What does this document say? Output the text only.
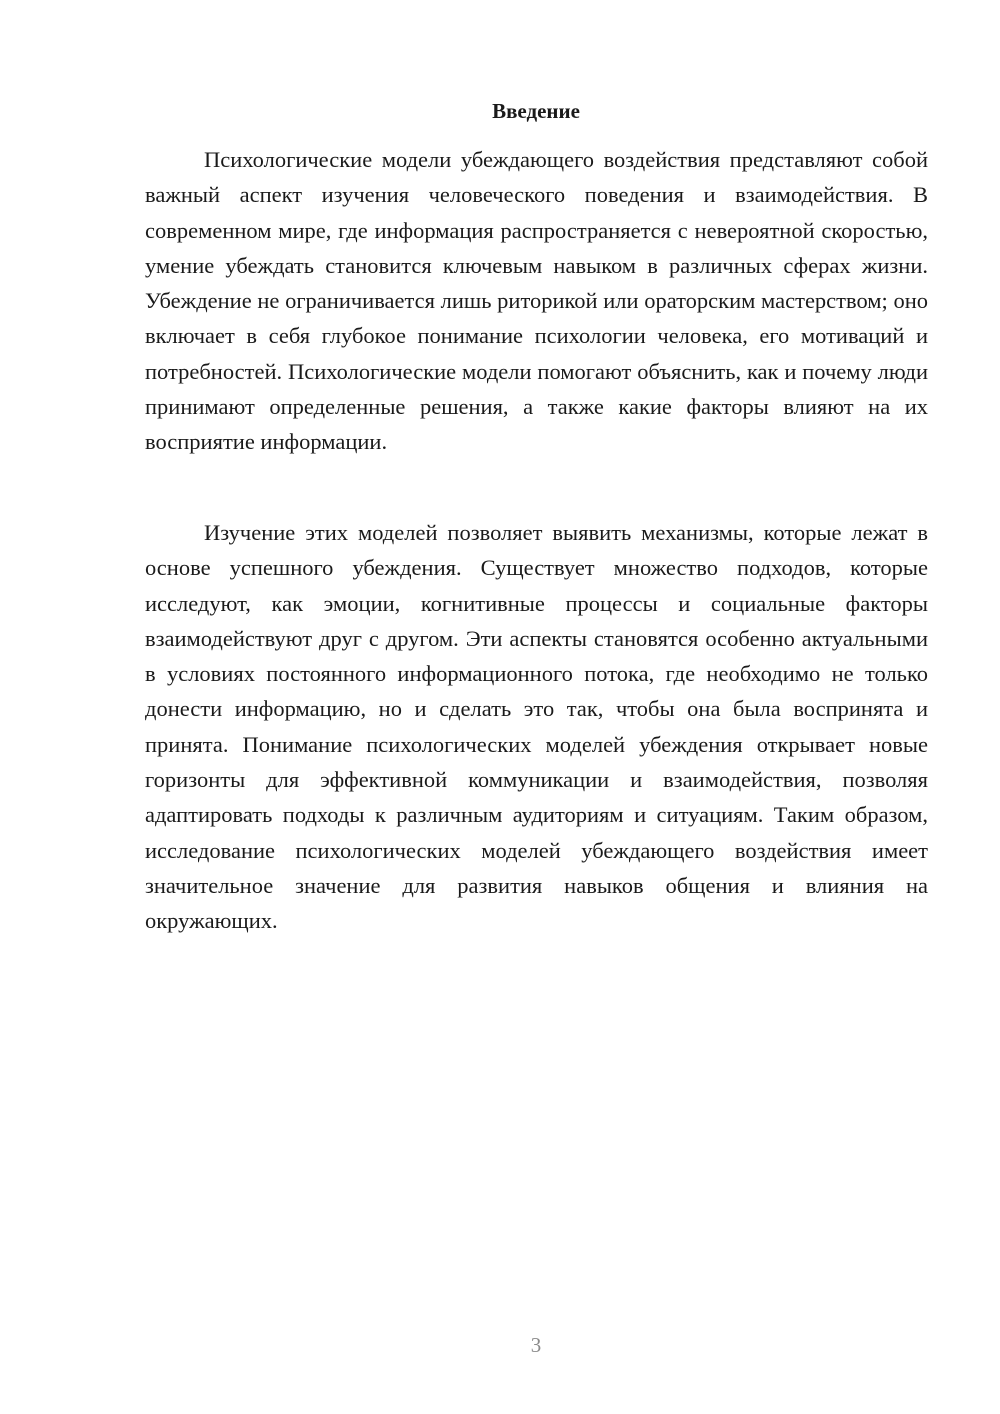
Введение

Психологические модели убеждающего воздействия представляют собой важный аспект изучения человеческого поведения и взаимодействия. В современном мире, где информация распространяется с невероятной скоростью, умение убеждать становится ключевым навыком в различных сферах жизни. Убеждение не ограничивается лишь риторикой или ораторским мастерством; оно включает в себя глубокое понимание психологии человека, его мотиваций и потребностей. Психологические модели помогают объяснить, как и почему люди принимают определенные решения, а также какие факторы влияют на их восприятие информации.

Изучение этих моделей позволяет выявить механизмы, которые лежат в основе успешного убеждения. Существует множество подходов, которые исследуют, как эмоции, когнитивные процессы и социальные факторы взаимодействуют друг с другом. Эти аспекты становятся особенно актуальными в условиях постоянного информационного потока, где необходимо не только донести информацию, но и сделать это так, чтобы она была воспринята и принята. Понимание психологических моделей убеждения открывает новые горизонты для эффективной коммуникации и взаимодействия, позволяя адаптировать подходы к различным аудиториям и ситуациям. Таким образом, исследование психологических моделей убеждающего воздействия имеет значительное значение для развития навыков общения и влияния на окружающих.

3
